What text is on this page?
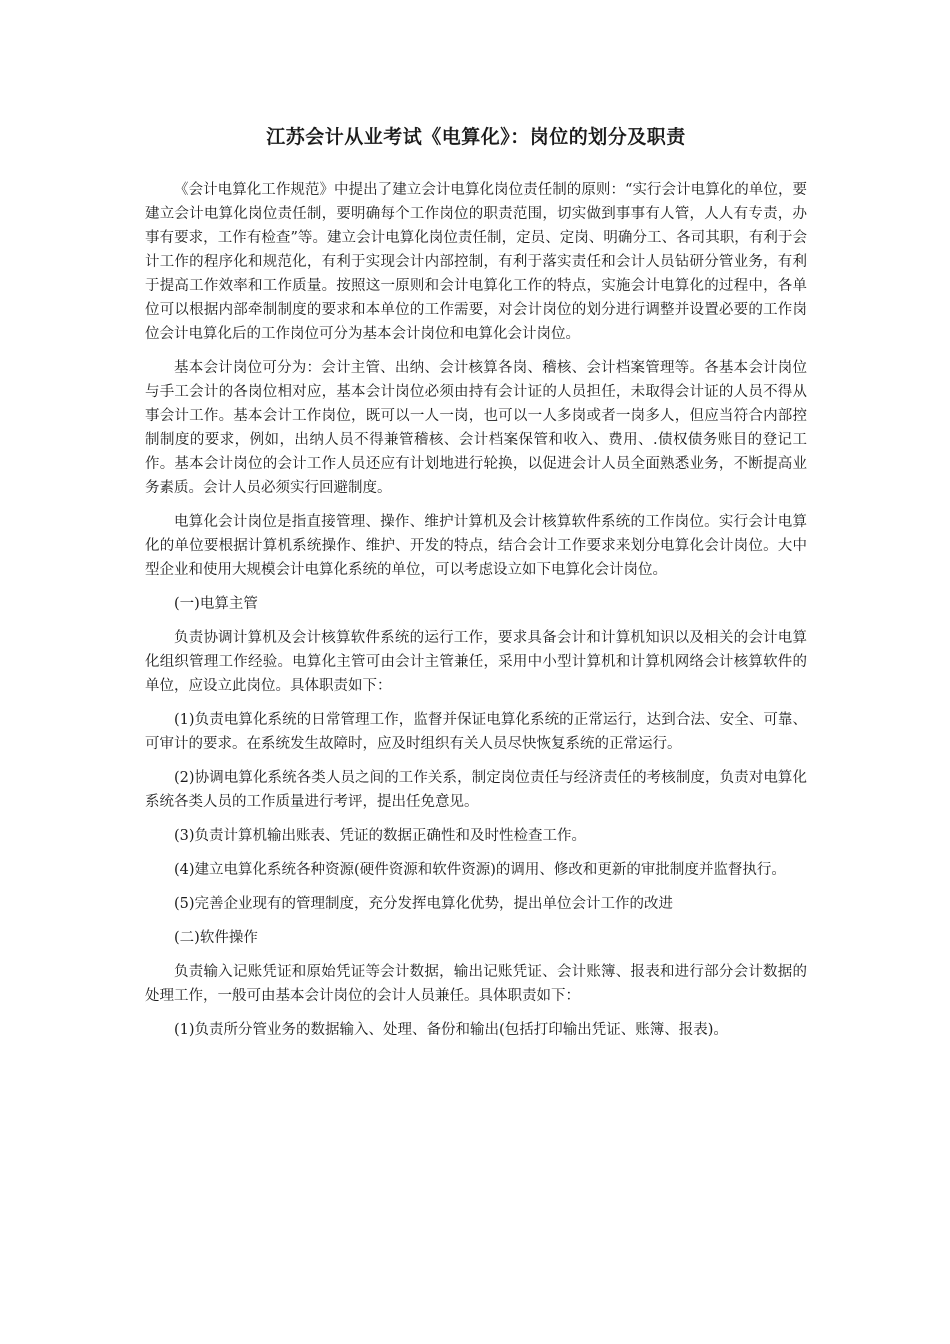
江苏会计从业考试《电算化》：岗位的划分及职责

《会计电算化工作规范》中提出了建立会计电算化岗位责任制的原则：“实行会计电算化的单位，要建立会计电算化岗位责任制，要明确每个工作岗位的职责范围，切实做到事事有人管，人人有专责，办事有要求，工作有检查”等。建立会计电算化岗位责任制，定员、定岗、明确分工、各司其职，有利于会计工作的程序化和规范化，有利于实现会计内部控制，有利于落实责任和会计人员钻研分管业务，有利于提高工作效率和工作质量。按照这一原则和会计电算化工作的特点，实施会计电算化的过程中，各单位可以根据内部牵制制度的要求和本单位的工作需要，对会计岗位的划分进行调整并设置必要的工作岗位会计电算化后的工作岗位可分为基本会计岗位和电算化会计岗位。

基本会计岗位可分为：会计主管、出纳、会计核算各岗、稽核、会计档案管理等。各基本会计岗位与手工会计的各岗位相对应，基本会计岗位必须由持有会计证的人员担任，未取得会计证的人员不得从事会计工作。基本会计工作岗位，既可以一人一岗，也可以一人多岗或者一岗多人，但应当符合内部控制制度的要求，例如，出纳人员不得兼管稽核、会计档案保管和收入、费用、.债权债务账目的登记工作。基本会计岗位的会计工作人员还应有计划地进行轮换，以促进会计人员全面熟悉业务，不断提高业务素质。会计人员必须实行回避制度。

电算化会计岗位是指直接管理、操作、维护计算机及会计核算软件系统的工作岗位。实行会计电算化的单位要根据计算机系统操作、维护、开发的特点，结合会计工作要求来划分电算化会计岗位。大中型企业和使用大规模会计电算化系统的单位，可以考虑设立如下电算化会计岗位。

(一)电算主管

负责协调计算机及会计核算软件系统的运行工作，要求具备会计和计算机知识以及相关的会计电算化组织管理工作经验。电算化主管可由会计主管兼任，采用中小型计算机和计算机网络会计核算软件的单位，应设立此岗位。具体职责如下：

(1)负责电算化系统的日常管理工作，监督并保证电算化系统的正常运行，达到合法、安全、可靠、可审计的要求。在系统发生故障时，应及时组织有关人员尽快恢复系统的正常运行。

(2)协调电算化系统各类人员之间的工作关系，制定岗位责任与经济责任的考核制度，负责对电算化系统各类人员的工作质量进行考评，提出任免意见。

(3)负责计算机输出账表、凭证的数据正确性和及时性检查工作。

(4)建立电算化系统各种资源(硬件资源和软件资源)的调用、修改和更新的审批制度并监督执行。

(5)完善企业现有的管理制度，充分发挥电算化优势，提出单位会计工作的改进

(二)软件操作

负责输入记账凭证和原始凭证等会计数据，输出记账凭证、会计账簿、报表和进行部分会计数据的处理工作，一般可由基本会计岗位的会计人员兼任。具体职责如下：

(1)负责所分管业务的数据输入、处理、备份和输出(包括打印输出凭证、账簿、报表)。
